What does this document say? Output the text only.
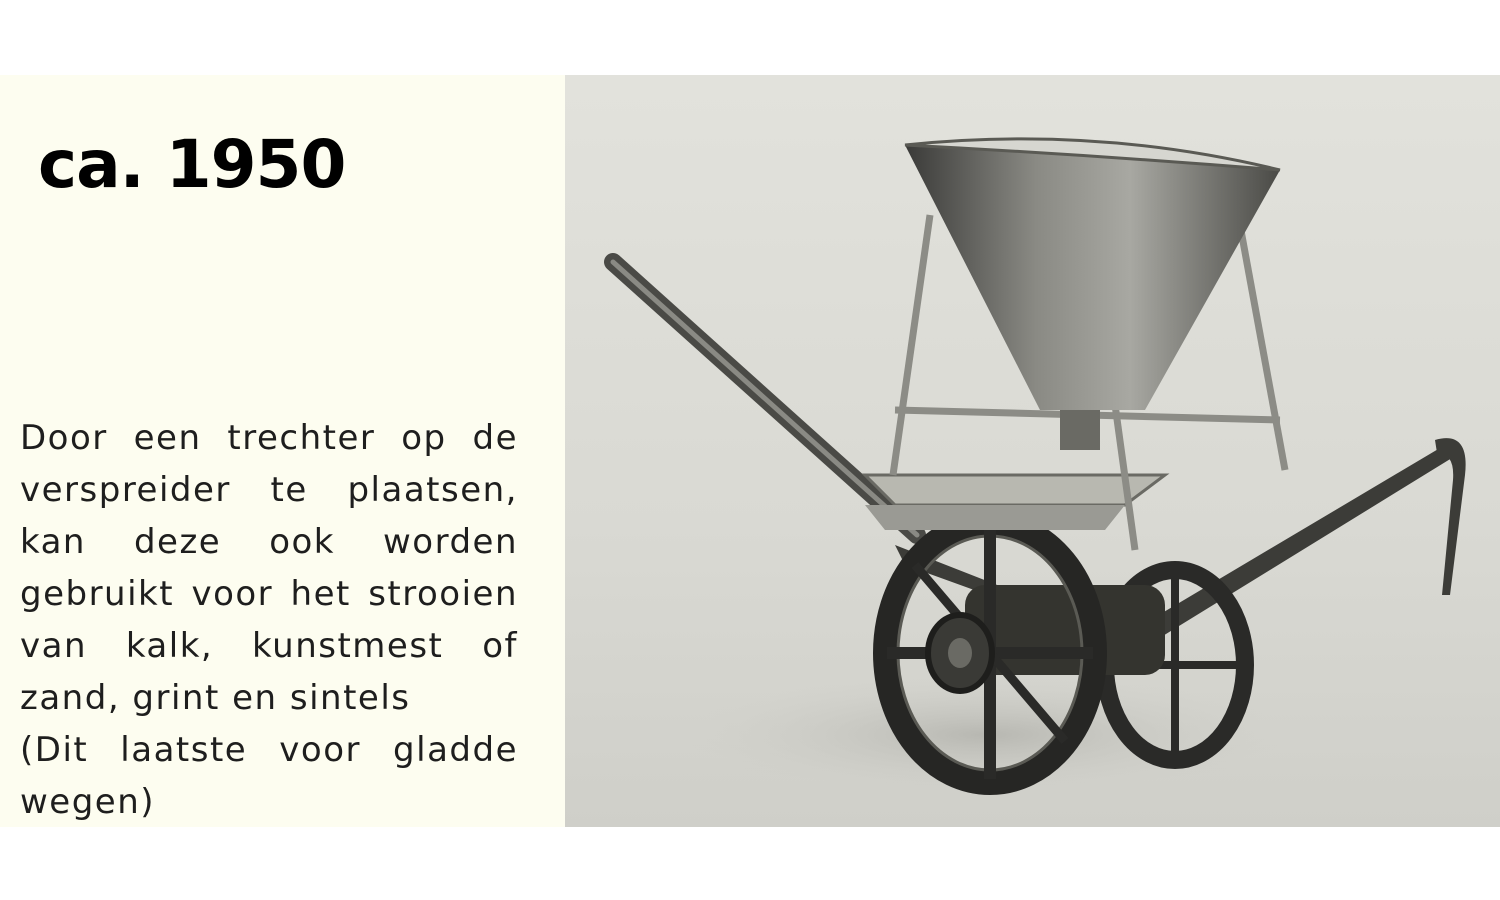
ca. 1950

Door een trechter op de
verspreider te plaatsen,
kan deze ook worden
gebruikt voor het strooien
van kalk, kunstmest of
zand, grint en sintels
(Dit laatste voor gladde
wegen)
